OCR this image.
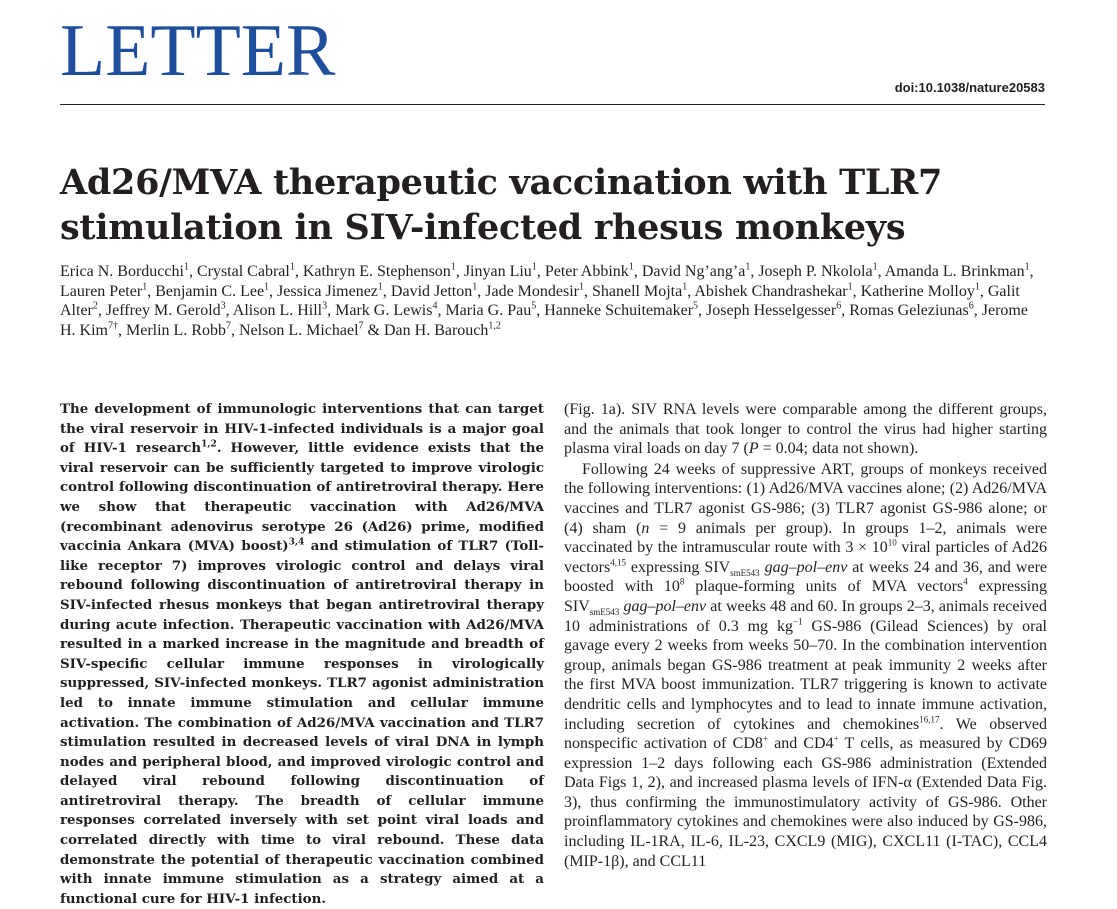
LETTER	doi:10.1038/nature20583
Ad26/MVA therapeutic vaccination with TLR7 stimulation in SIV-infected rhesus monkeys
Erica N. Borducchi$^1$, Crystal Cabral$^1$, Kathryn E. Stephenson$^1$, Jinyan Liu$^1$, Peter Abbink$^1$, David $Ng’ang’a^1$, Joseph P. Nkolola$^1$, Amanda L. Brinkman$^1$, Lauren Peter$^1$, Benjamin C. Lee$^1$, Jessica Jimenez$^1$, David Jetton$^1$, Jade Mondesir$^1$, Shanell Mojta$^1$, Abishek Chandrashekar$^1$, Katherine Molloy$^1$, Galit Alter$^2$, Jeffrey M. Gerold$^3$, Alison L. Hill$^3$, Mark G. Lewis$^4$, Maria G. Pau$^5$, Hanneke Schuitemaker$^5$, Joseph Hesselgesser$^6$, Romas Geleziunas$^6$, Jerome H. Kim$^{7\dagger}$, Merlin L. Robb$^7$, Nelson L. Michael$^7$ & Dan H. Barouch$^{1,2}$
The development of immunologic interventions that can target the viral reservoir in HIV-1-infected individuals is a major goal of HIV-1 research$^{1,2}$. However, little evidence exists that the viral reservoir can be sufficiently targeted to improve virologic control following discontinuation of antiretroviral therapy. Here we show that therapeutic vaccination with Ad26/MVA (recombinant adenovirus serotype 26 (Ad26) prime, modified vaccinia Ankara (MVA) boost)$^{3,4}$ and stimulation of TLR7 (Toll-like receptor 7) improves virologic control and delays viral rebound following discontinuation of antiretroviral therapy in SIV-infected rhesus monkeys that began antiretroviral therapy during acute infection. Therapeutic vaccination with Ad26/MVA resulted in a marked increase in the magnitude and breadth of SIV-specific cellular immune responses in virologically suppressed, SIV-infected monkeys. TLR7 agonist administration led to innate immune stimulation and cellular immune activation. The combination of Ad26/MVA vaccination and TLR7 stimulation resulted in decreased levels of viral DNA in lymph nodes and peripheral blood, and improved virologic control and delayed viral rebound following discontinuation of antiretroviral therapy. The breadth of cellular immune responses correlated inversely with set point viral loads and correlated directly with time to viral rebound. These data demonstrate the potential of therapeutic vaccination combined with innate immune stimulation as a strategy aimed at a functional cure for HIV-1 infection.

(Fig. 1a). SIV RNA levels were comparable among the different groups, and the animals that took longer to control the virus had higher starting plasma viral loads on day 7 (P = 0.04; data not shown).

Following 24 weeks of suppressive ART, groups of monkeys received the following interventions: (1) Ad26/MVA vaccines alone; (2) Ad26/MVA vaccines and TLR7 agonist GS-986; (3) TLR7 agonist GS-986 alone; or (4) sham (n = 9 animals per group). In groups 1–2, animals were vaccinated by the intramuscular route with $3 \times 10^{10}$ viral particles of Ad26 vectors$^{4,15}$ expressing $SIV_{smE543}$ gag–pol–env at weeks 24 and 36, and were boosted with $10^8$ plaque-forming units of MVA vectors$^4$ expressing $SIV_{smE543}$ gag–pol–env at weeks 48 and 60. In groups 2–3, animals received 10 administrations of 0.3 mg $kg^{-1}$ GS-986 (Gilead Sciences) by oral gavage every 2 weeks from weeks 50–70. In the combination intervention group, animals began GS-986 treatment at peak immunity 2 weeks after the first MVA boost immunization. TLR7 triggering is known to activate dendritic cells and lymphocytes and to lead to innate immune activation, including secretion of cytokines and chemokines$^{16,17}$. We observed nonspecific activation of CD8+ and CD4+ T cells, as measured by CD69 expression 1–2 days following each GS-986 administration (Extended Data Figs 1, 2), and increased plasma levels of IFN-α (Extended Data Fig. 3), thus confirming the immunostimulatory activity of GS-986. Other proinflammatory cytokines and chemokines were also induced by GS-986, including IL-1RA, IL-6, IL-23, CXCL9 (MIG), CXCL11 (I-TAC), CCL4 (MIP-1β), and CCL11
